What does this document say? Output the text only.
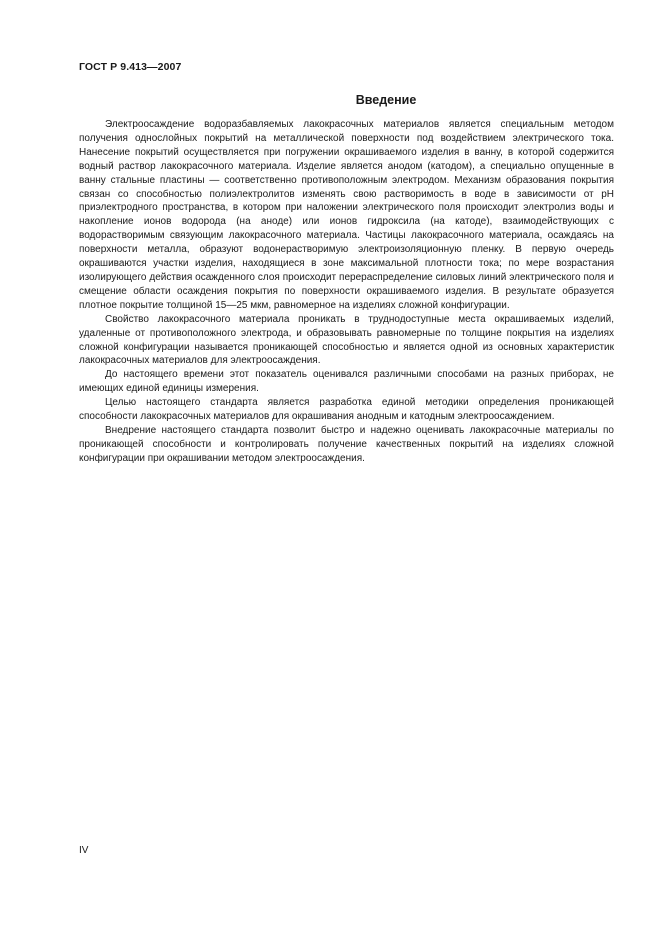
ГОСТ Р 9.413—2007
Введение

Электроосаждение водоразбавляемых лакокрасочных материалов является специальным методом получения однослойных покрытий на металлической поверхности под воздействием электрического тока. Нанесение покрытий осуществляется при погружении окрашиваемого изделия в ванну, в которой содержится водный раствор лакокрасочного материала. Изделие является анодом (катодом), а специально опущенные в ванну стальные пластины — соответственно противоположным электродом. Механизм образования покрытия связан со способностью полиэлектролитов изменять свою растворимость в воде в зависимости от pH приэлектродного пространства, в котором при наложении электрического поля происходит электролиз воды и накопление ионов водорода (на аноде) или ионов гидроксила (на катоде), взаимодействующих с водорастворимым связующим лакокрасочного материала. Частицы лакокрасочного материала, осаждаясь на поверхности металла, образуют водонерастворимую электроизоляционную пленку. В первую очередь окрашиваются участки изделия, находящиеся в зоне максимальной плотности тока; по мере возрастания изолирующего действия осажденного слоя происходит перераспределение силовых линий электрического поля и смещение области осаждения покрытия по поверхности окрашиваемого изделия. В результате образуется плотное покрытие толщиной 15—25 мкм, равномерное на изделиях сложной конфигурации.

Свойство лакокрасочного материала проникать в труднодоступные места окрашиваемых изделий, удаленные от противоположного электрода, и образовывать равномерные по толщине покрытия на изделиях сложной конфигурации называется проникающей способностью и является одной из основных характеристик лакокрасочных материалов для электроосаждения.

До настоящего времени этот показатель оценивался различными способами на разных приборах, не имеющих единой единицы измерения.

Целью настоящего стандарта является разработка единой методики определения проникающей способности лакокрасочных материалов для окрашивания анодным и катодным электроосаждением.

Внедрение настоящего стандарта позволит быстро и надежно оценивать лакокрасочные материалы по проникающей способности и контролировать получение качественных покрытий на изделиях сложной конфигурации при окрашивании методом электроосаждения.

IV
